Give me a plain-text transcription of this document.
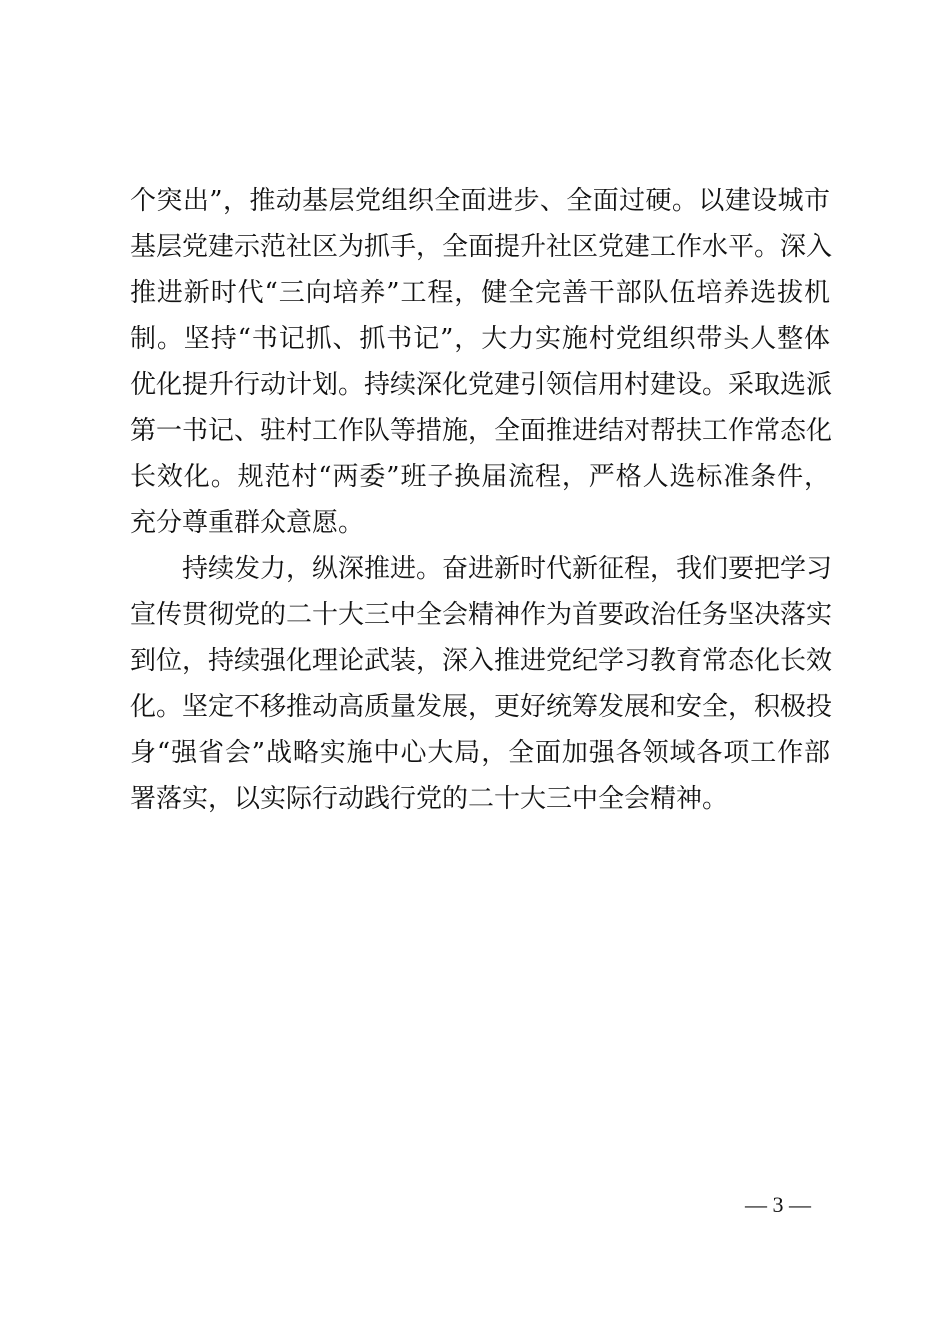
个突出”，推动基层党组织全面进步、全面过硬。以建设城市
基层党建示范社区为抓手，全面提升社区党建工作水平。深入
推进新时代“三向培养”工程，健全完善干部队伍培养选拔机
制。坚持“书记抓、抓书记”，大力实施村党组织带头人整体
优化提升行动计划。持续深化党建引领信用村建设。采取选派
第一书记、驻村工作队等措施，全面推进结对帮扶工作常态化
长效化。规范村“两委”班子换届流程，严格人选标准条件，
充分尊重群众意愿。
持续发力，纵深推进。奋进新时代新征程，我们要把学习
宣传贯彻党的二十大三中全会精神作为首要政治任务坚决落实
到位，持续强化理论武装，深入推进党纪学习教育常态化长效
化。坚定不移推动高质量发展，更好统筹发展和安全，积极投
身“强省会”战略实施中心大局，全面加强各领域各项工作部
署落实，以实际行动践行党的二十大三中全会精神。
— 3 —
